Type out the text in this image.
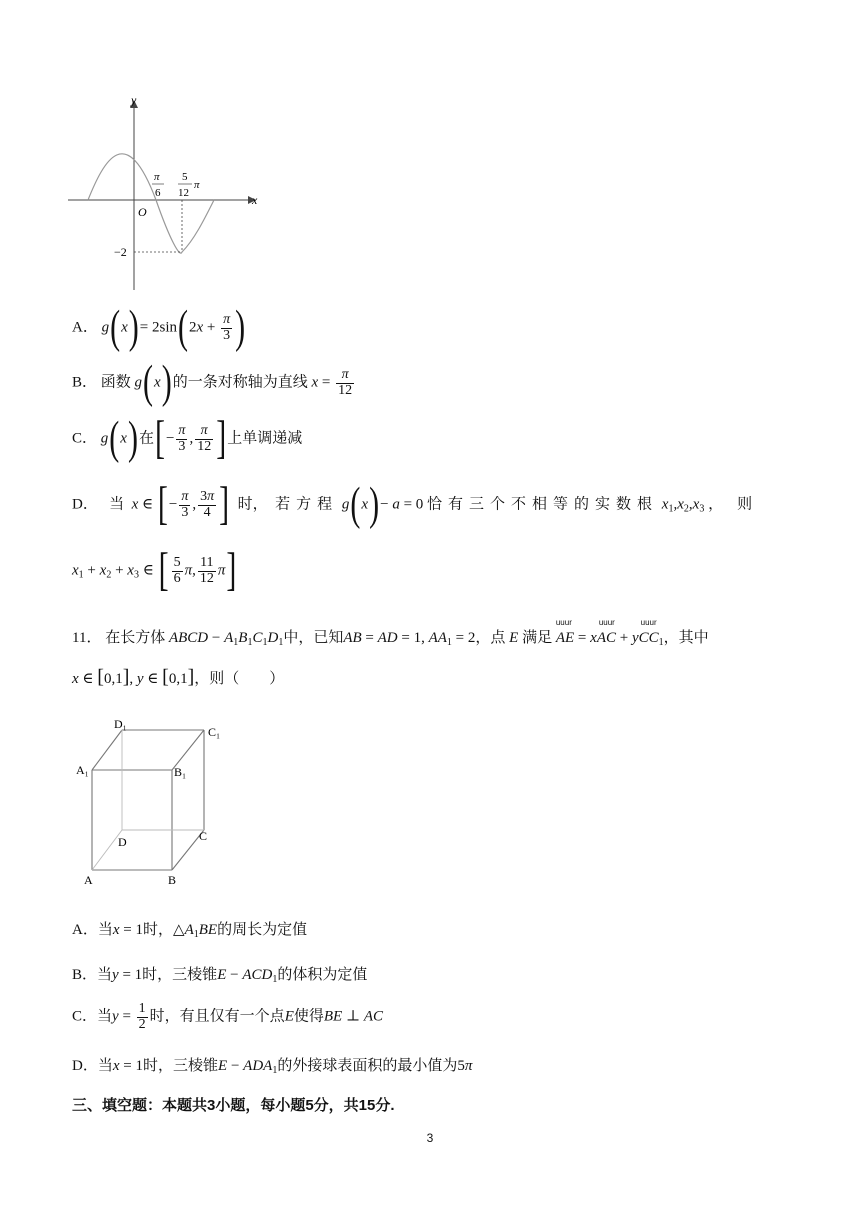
y
x
O
π
6
5
12
π
−2
A． $g(x)= 2\sin(2x + \frac{\pi}{3}$ )
B． 函数 g(x)的一条对称轴为直线 $x = \frac{\pi}{12}$
C． g(x)在[− $\frac{\pi}{3}$ , $\frac{\pi}{12}$ ]上单调递减
D． 当 x ∈ [− $\frac{\pi}{3}$ , $\frac{3\pi}{4}$ ] 时， 若方程 g(x)− a = 0 恰有三个不相等的实数根 $x_1,x_2,x_3$ ，则
$x_1 + x_2 + x_3$ ∈ [ $\frac{5}{6} \pi$, $\frac{11}{12} \pi$]
11． 在长方体 ABCD − $A_1B_1C_1D_1$中，已知AB = AD = 1, $AA_1 = 2$，点 E 满足
uuur
AE = x
uuur
AC + y
uuur
$CC_1$，其中
x ∈ [0,1], y ∈ [0,1]，则（　　）
D₁
C₁
A₁	B₁
D	C
A	B
A．当x = 1时，$\triangle A_1BE$的周长为定值
B．当y = 1时，三棱锥$E - ACD_1$的体积为定值
C．当$y = \frac{1}{2}$ 时，有且仅有一个点E使得BE ⊥ AC
D．当x = 1时，三棱锥$E - ADA_1$的外接球表面积的最小值为5π
三、填空题：本题共3小题，每小题5分，共15分.
3
